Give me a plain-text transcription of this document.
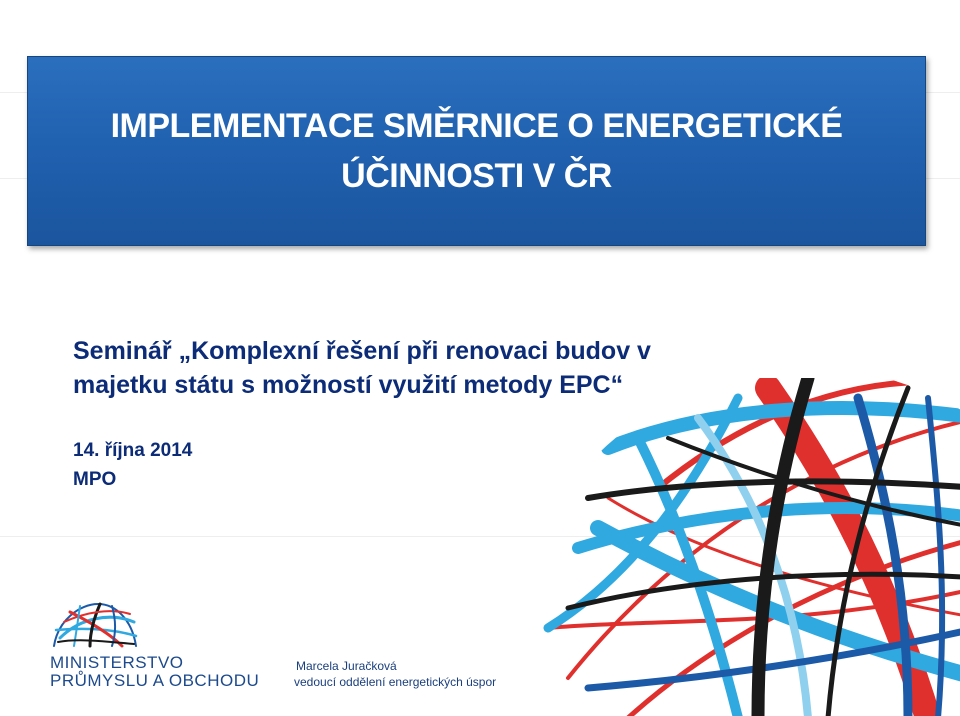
IMPLEMENTACE SMĚRNICE O ENERGETICKÉ
ÚČINNOSTI V ČR
Seminář „Komplexní řešení při renovaci budov v
majetku státu s možností využití metody EPC“
14. října 2014
MPO
MINISTERSTVO
PRŮMYSLU A OBCHODU
Marcela Juračková
vedoucí oddělení energetických úspor
